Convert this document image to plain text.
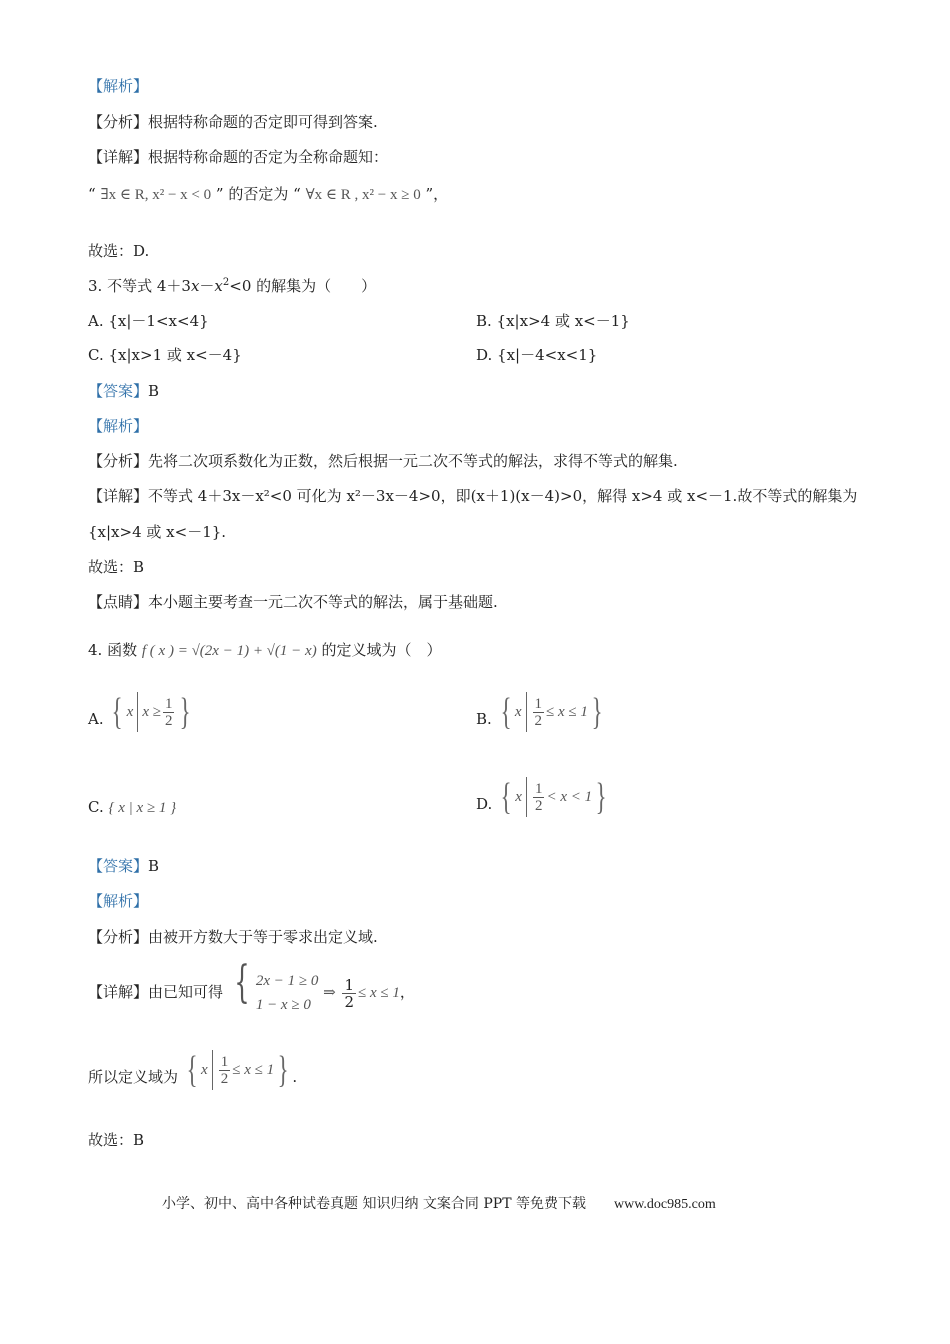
【解析】
【分析】根据特称命题的否定即可得到答案.
【详解】根据特称命题的否定为全称命题知：
“ ∃x ∈ R, x² − x < 0 ” 的否定为 “ ∀x ∈ R , x² − x ≥ 0 ”，
故选：D.
3. 不等式 $4+3x-x^2<0$ 的解集为（　　）
A. {x|－1<x<4}	B. {x|x>4 或 x<－1}
C. {x|x>1 或 x<－4}	D. {x|－4<x<1}
【答案】B
【解析】
【分析】先将二次项系数化为正数，然后根据一元二次不等式的解法，求得不等式的解集.
【详解】不等式 4＋3x－x²<0 可化为 x²－3x－4>0，即(x＋1)(x－4)>0，解得 x>4 或 x<－1.故不等式的解集为
{x|x>4 或 x<－1}.
故选：B
【点睛】本小题主要考查一元二次不等式的解法，属于基础题.
4. 函数 f ( x ) = √(2x − 1) + √(1 − x) 的定义域为（　）
A. { x $x \ge \frac{1}{2}$ }	B. { x $\frac{1}{2} \le x \le 1$ }
C. { x | x ≥ 1 }	D. { x $\frac{1}{2} < x < 1$ }
【答案】B
【解析】
【分析】由被开方数大于等于零求出定义域.
【详解】由已知可得 { 2x − 1 ≥ 0
1 − x ≥ 0
⇒ $\frac{1}{2} \le x \le 1$，
所以定义域为 { x $\frac{1}{2} \le x \le 1$ } .
故选：B
小学、初中、高中各种试卷真题 知识归纳 文案合同 PPT 等免费下载 www.doc985.com
